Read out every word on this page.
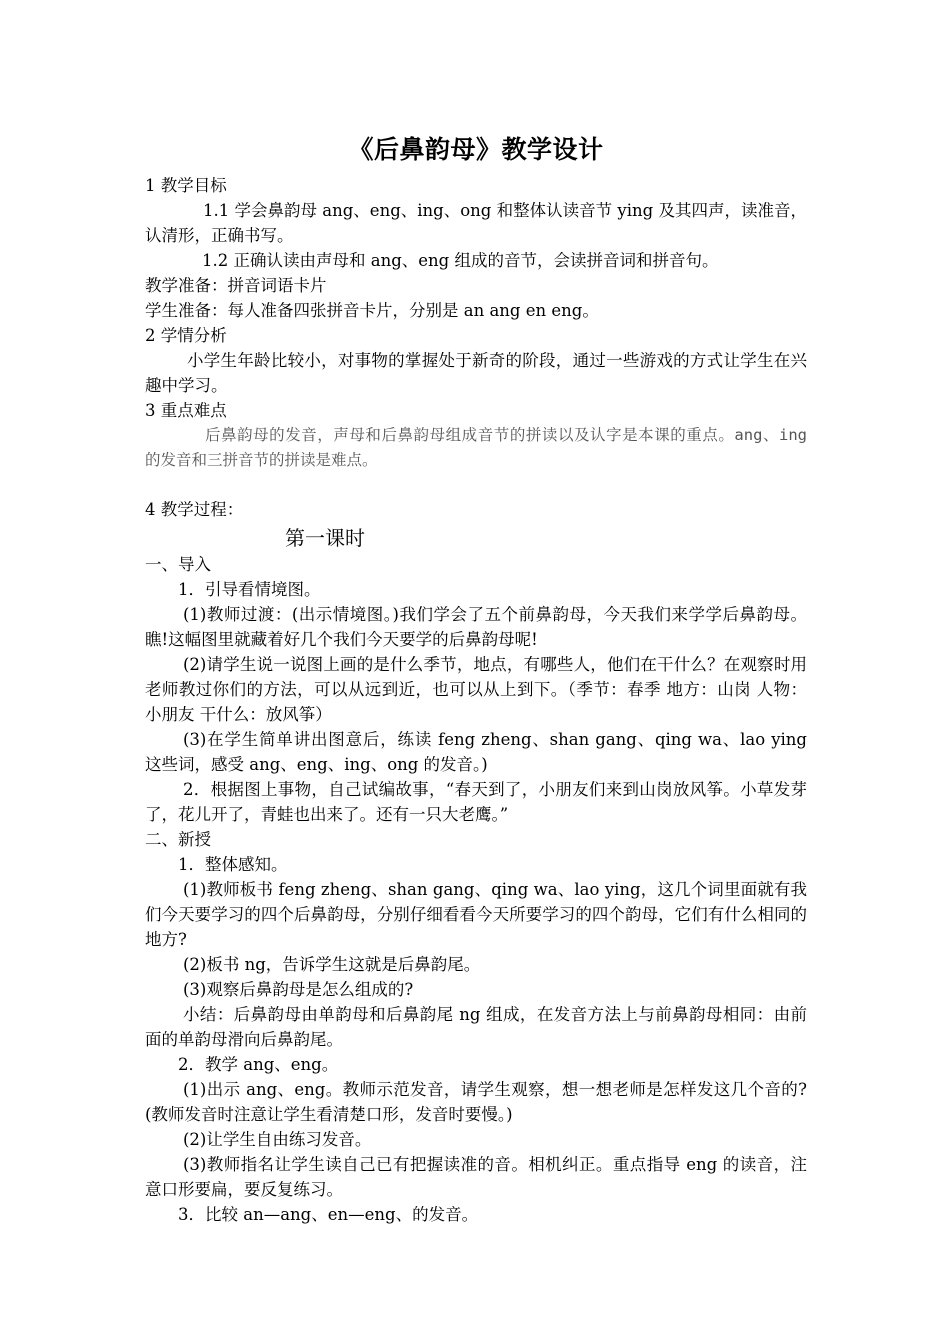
《后鼻韵母》教学设计

1 教学目标

1.1 学会鼻韵母 ang、eng、ing、ong 和整体认读音节 ying 及其四声，读准音，认清形，正确书写。

1.2 正确认读由声母和 ang、eng 组成的音节，会读拼音词和拼音句。

教学准备：拼音词语卡片

学生准备：每人准备四张拼音卡片，分别是 an ang en eng。

2 学情分析

小学生年龄比较小，对事物的掌握处于新奇的阶段，通过一些游戏的方式让学生在兴趣中学习。

3 重点难点

后鼻韵母的发音，声母和后鼻韵母组成音节的拼读以及认字是本课的重点。ang、ing 的发音和三拼音节的拼读是难点。

4 教学过程：

第一课时

一、导入

1．引导看情境图。

(1)教师过渡：(出示情境图。)我们学会了五个前鼻韵母，今天我们来学学后鼻韵母。瞧!这幅图里就藏着好几个我们今天要学的后鼻韵母呢!

(2)请学生说一说图上画的是什么季节，地点，有哪些人，他们在干什么？在观察时用老师教过你们的方法，可以从远到近，也可以从上到下。（季节：春季 地方：山岗 人物：小朋友 干什么：放风筝）

(3)在学生简单讲出图意后，练读 feng zheng、shan gang、qing wa、lao ying 这些词，感受 ang、eng、ing、ong 的发音。)

2．根据图上事物，自己试编故事，“春天到了，小朋友们来到山岗放风筝。小草发芽了，花儿开了，青蛙也出来了。还有一只大老鹰。”

二、新授

1．整体感知。

(1)教师板书 feng zheng、shan gang、qing wa、lao ying，这几个词里面就有我们今天要学习的四个后鼻韵母，分别仔细看看今天所要学习的四个韵母，它们有什么相同的地方?

(2)板书 ng，告诉学生这就是后鼻韵尾。

(3)观察后鼻韵母是怎么组成的?

小结：后鼻韵母由单韵母和后鼻韵尾 ng 组成，在发音方法上与前鼻韵母相同：由前面的单韵母滑向后鼻韵尾。

2．教学 ang、eng。

(1)出示 ang、eng。教师示范发音，请学生观察，想一想老师是怎样发这几个音的?(教师发音时注意让学生看清楚口形，发音时要慢。)

(2)让学生自由练习发音。

(3)教师指名让学生读自己已有把握读准的音。相机纠正。重点指导 eng 的读音，注意口形要扁，要反复练习。

3．比较 an—ang、en—eng、的发音。
